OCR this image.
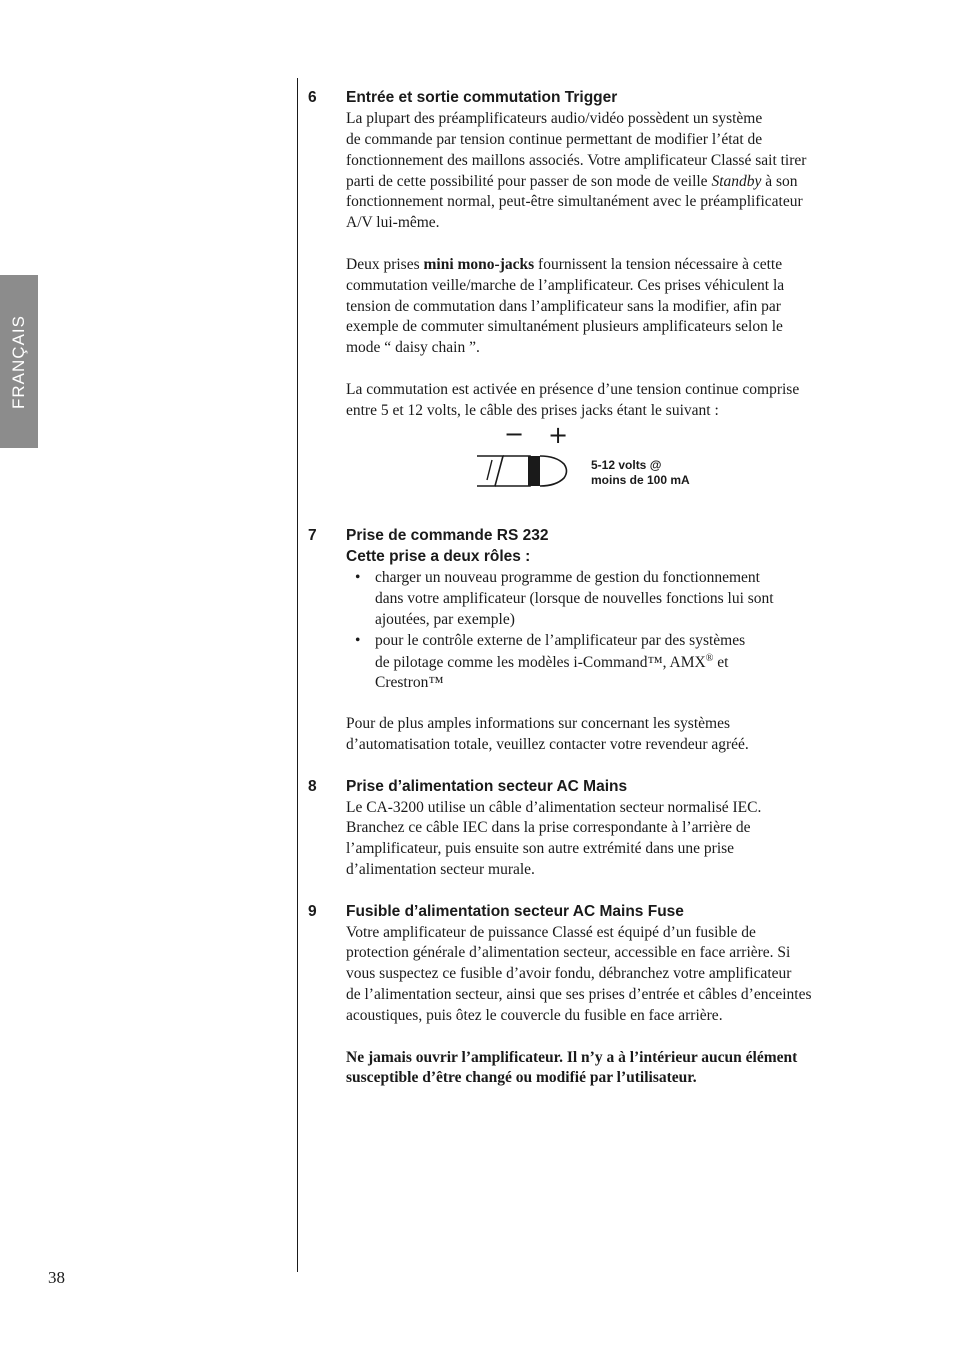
FRANÇAIS
6 Entrée et sortie commutation Trigger
La plupart des préamplificateurs audio/vidéo possèdent un système
de commande par tension continue permettant de modifier l’état de
fonctionnement des maillons associés. Votre amplificateur Classé sait tirer
parti de cette possibilité pour passer de son mode de veille Standby à son
fonctionnement normal, peut-être simultanément avec le préamplificateur
A/V lui-même.
Deux prises mini mono-jacks fournissent la tension nécessaire à cette
commutation veille/marche de l’amplificateur. Ces prises véhiculent la
tension de commutation dans l’amplificateur sans la modifier, afin par
exemple de commuter simultanément plusieurs amplificateurs selon le
mode “ daisy chain ”.
La commutation est activée en présence d’une tension continue comprise
entre 5 et 12 volts, le câble des prises jacks étant le suivant :
− +
5-12 volts @
moins de 100 mA
7 Prise de commande RS 232
Cette prise a deux rôles :
• charger un nouveau programme de gestion du fonctionnement
dans votre amplificateur (lorsque de nouvelles fonctions lui sont
ajoutées, par exemple)
• pour le contrôle externe de l’amplificateur par des systèmes
de pilotage comme les modèles i-Command™, AMX® et
Crestron™
Pour de plus amples informations sur concernant les systèmes
d’automatisation totale, veuillez contacter votre revendeur agréé.
8 Prise d’alimentation secteur AC Mains
Le CA-3200 utilise un câble d’alimentation secteur normalisé IEC.
Branchez ce câble IEC dans la prise correspondante à l’arrière de
l’amplificateur, puis ensuite son autre extrémité dans une prise
d’alimentation secteur murale.
9 Fusible d’alimentation secteur AC Mains Fuse
Votre amplificateur de puissance Classé est équipé d’un fusible de
protection générale d’alimentation secteur, accessible en face arrière. Si
vous suspectez ce fusible d’avoir fondu, débranchez votre amplificateur
de l’alimentation secteur, ainsi que ses prises d’entrée et câbles d’enceintes
acoustiques, puis ôtez le couvercle du fusible en face arrière.
Ne jamais ouvrir l’amplificateur. Il n’y a à l’intérieur aucun élément
susceptible d’être changé ou modifié par l’utilisateur.
38
